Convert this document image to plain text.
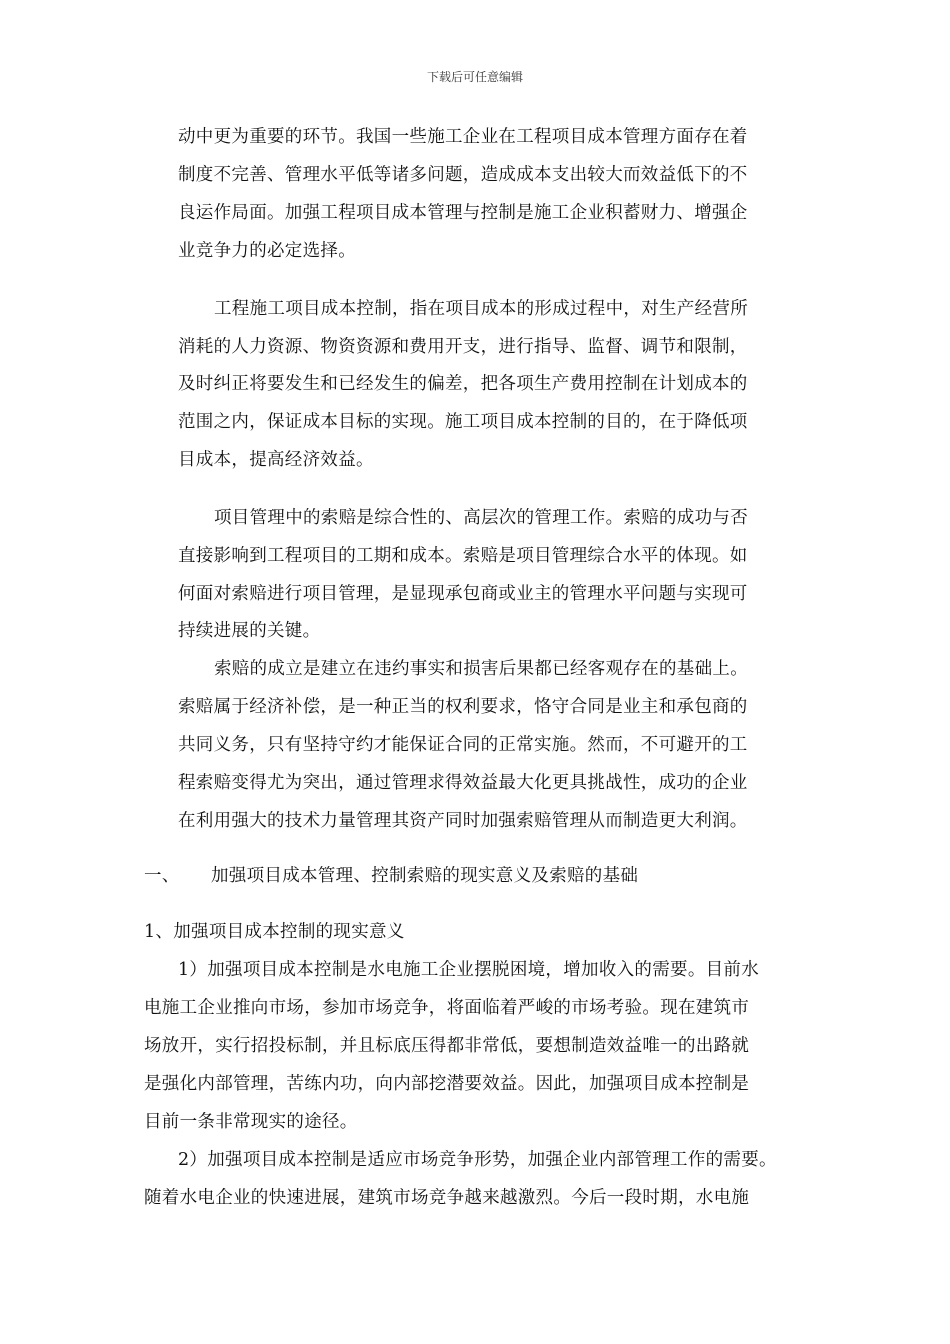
下载后可任意编辑
动中更为重要的环节。我国一些施工企业在工程项目成本管理方面存在着
制度不完善、管理水平低等诸多问题，造成成本支出较大而效益低下的不
良运作局面。加强工程项目成本管理与控制是施工企业积蓄财力、增强企
业竞争力的必定选择。
工程施工项目成本控制，指在项目成本的形成过程中，对生产经营所
消耗的人力资源、物资资源和费用开支，进行指导、监督、调节和限制，
及时纠正将要发生和已经发生的偏差，把各项生产费用控制在计划成本的
范围之内，保证成本目标的实现。施工项目成本控制的目的，在于降低项
目成本，提高经济效益。
项目管理中的索赔是综合性的、高层次的管理工作。索赔的成功与否
直接影响到工程项目的工期和成本。索赔是项目管理综合水平的体现。如
何面对索赔进行项目管理，是显现承包商或业主的管理水平问题与实现可
持续进展的关键。
索赔的成立是建立在违约事实和损害后果都已经客观存在的基础上。
索赔属于经济补偿，是一种正当的权利要求，恪守合同是业主和承包商的
共同义务，只有坚持守约才能保证合同的正常实施。然而，不可避开的工
程索赔变得尤为突出，通过管理求得效益最大化更具挑战性，成功的企业
在利用强大的技术力量管理其资产同时加强索赔管理从而制造更大利润。
一、 加强项目成本管理、控制索赔的现实意义及索赔的基础
1、加强项目成本控制的现实意义
1）加强项目成本控制是水电施工企业摆脱困境，增加收入的需要。目前水
电施工企业推向市场，参加市场竞争，将面临着严峻的市场考验。现在建筑市
场放开，实行招投标制，并且标底压得都非常低，要想制造效益唯一的出路就
是强化内部管理，苦练内功，向内部挖潜要效益。因此，加强项目成本控制是
目前一条非常现实的途径。
2）加强项目成本控制是适应市场竞争形势，加强企业内部管理工作的需要。
随着水电企业的快速进展，建筑市场竞争越来越激烈。今后一段时期，水电施
